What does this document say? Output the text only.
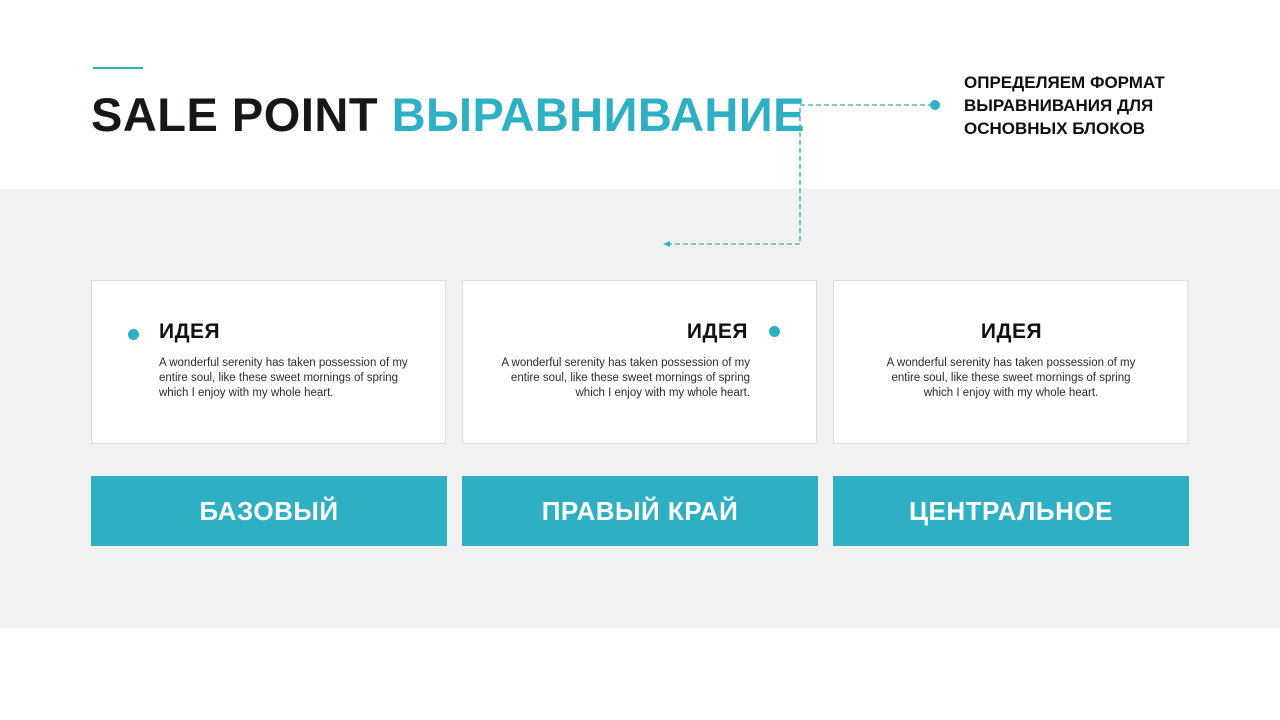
SALE POINT ВЫРАВНИВАНИЕ
ОПРЕДЕЛЯЕМ ФОРМАТ
ВЫРАВНИВАНИЯ ДЛЯ
ОСНОВНЫХ БЛОКОВ
ИДЕЯ
A wonderful serenity has taken possession of my entire soul, like these sweet mornings of spring which I enjoy with my whole heart.
ИДЕЯ
A wonderful serenity has taken possession of my entire soul, like these sweet mornings of spring which I enjoy with my whole heart.
ИДЕЯ
A wonderful serenity has taken possession of my entire soul, like these sweet mornings of spring which I enjoy with my whole heart.
БАЗОВЫЙ	ПРАВЫЙ КРАЙ	ЦЕНТРАЛЬНОЕ
